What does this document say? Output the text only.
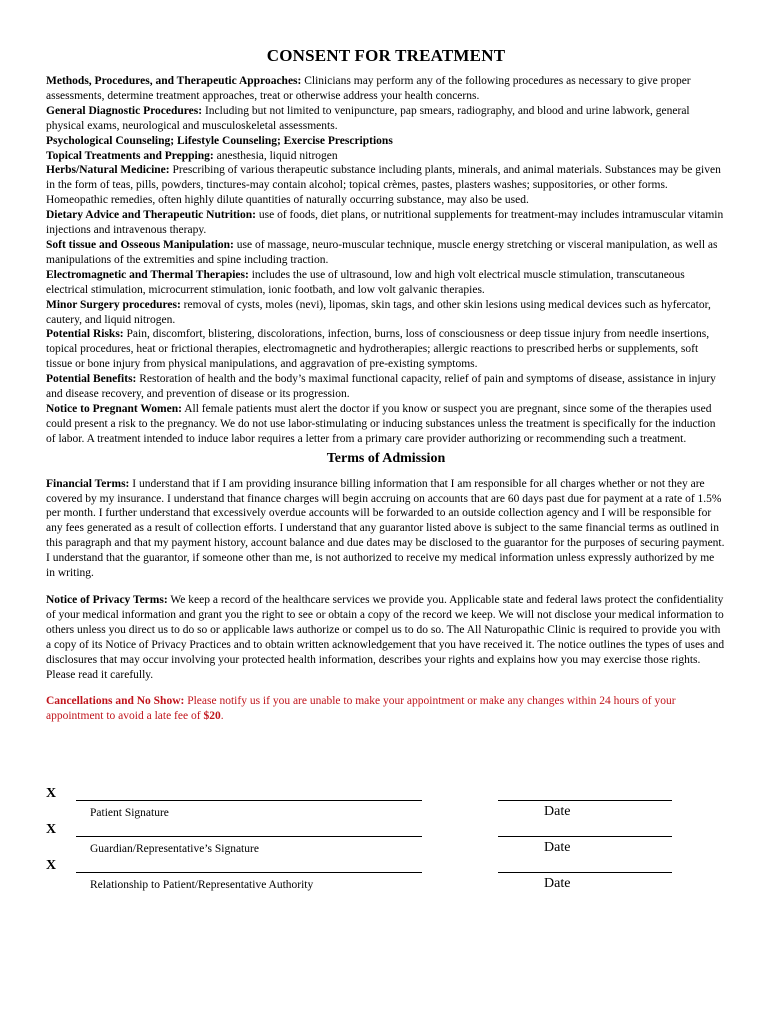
CONSENT FOR TREATMENT

Methods, Procedures, and Therapeutic Approaches: Clinicians may perform any of the following procedures as necessary to give proper assessments, determine treatment approaches, treat or otherwise address your health concerns.

General Diagnostic Procedures: Including but not limited to venipuncture, pap smears, radiography, and blood and urine labwork, general physical exams, neurological and musculoskeletal assessments.

Psychological Counseling; Lifestyle Counseling; Exercise Prescriptions

Topical Treatments and Prepping: anesthesia, liquid nitrogen

Herbs/Natural Medicine: Prescribing of various therapeutic substance including plants, minerals, and animal materials. Substances may be given in the form of teas, pills, powders, tinctures-may contain alcohol; topical crèmes, pastes, plasters washes; suppositories, or other forms. Homeopathic remedies, often highly dilute quantities of naturally occurring substance, may also be used.

Dietary Advice and Therapeutic Nutrition: use of foods, diet plans, or nutritional supplements for treatment-may includes intramuscular vitamin injections and intravenous therapy.

Soft tissue and Osseous Manipulation: use of massage, neuro-muscular technique, muscle energy stretching or visceral manipulation, as well as manipulations of the extremities and spine including traction.

Electromagnetic and Thermal Therapies: includes the use of ultrasound, low and high volt electrical muscle stimulation, transcutaneous electrical stimulation, microcurrent stimulation, ionic footbath, and low volt galvanic therapies.

Minor Surgery procedures: removal of cysts, moles (nevi), lipomas, skin tags, and other skin lesions using medical devices such as hyfercator, cautery, and liquid nitrogen.

Potential Risks: Pain, discomfort, blistering, discolorations, infection, burns, loss of consciousness or deep tissue injury from needle insertions, topical procedures, heat or frictional therapies, electromagnetic and hydrotherapies; allergic reactions to prescribed herbs or supplements, soft tissue or bone injury from physical manipulations, and aggravation of pre-existing symptoms.

Potential Benefits: Restoration of health and the body’s maximal functional capacity, relief of pain and symptoms of disease, assistance in injury and disease recovery, and prevention of disease or its progression.

Notice to Pregnant Women: All female patients must alert the doctor if you know or suspect you are pregnant, since some of the therapies used could present a risk to the pregnancy. We do not use labor-stimulating or inducing substances unless the treatment is specifically for the induction of labor. A treatment intended to induce labor requires a letter from a primary care provider authorizing or recommending such a treatment.

Terms of Admission

Financial Terms: I understand that if I am providing insurance billing information that I am responsible for all charges whether or not they are covered by my insurance. I understand that finance charges will begin accruing on accounts that are 60 days past due for payment at a rate of 1.5% per month. I further understand that excessively overdue accounts will be forwarded to an outside collection agency and I will be responsible for any fees generated as a result of collection efforts. I understand that any guarantor listed above is subject to the same financial terms as outlined in this paragraph and that my payment history, account balance and due dates may be disclosed to the guarantor for the purposes of securing payment. I understand that the guarantor, if someone other than me, is not authorized to receive my medical information unless expressly authorized by me in writing.

Notice of Privacy Terms: We keep a record of the healthcare services we provide you. Applicable state and federal laws protect the confidentiality of your medical information and grant you the right to see or obtain a copy of the record we keep. We will not disclose your medical information to others unless you direct us to do so or applicable laws authorize or compel us to do so. The All Naturopathic Clinic is required to provide you with a copy of its Notice of Privacy Practices and to obtain written acknowledgement that you have received it. The notice outlines the types of uses and disclosures that may occur involving your protected health information, describes your rights and explains how you may exercise those rights. Please read it carefully.

Cancellations and No Show: Please notify us if you are unable to make your appointment or make any changes within 24 hours of your appointment to avoid a late fee of $20.

X
Patient Signature	Date
X
Guardian/Representative’s Signature	Date
X
Relationship to Patient/Representative Authority	Date
